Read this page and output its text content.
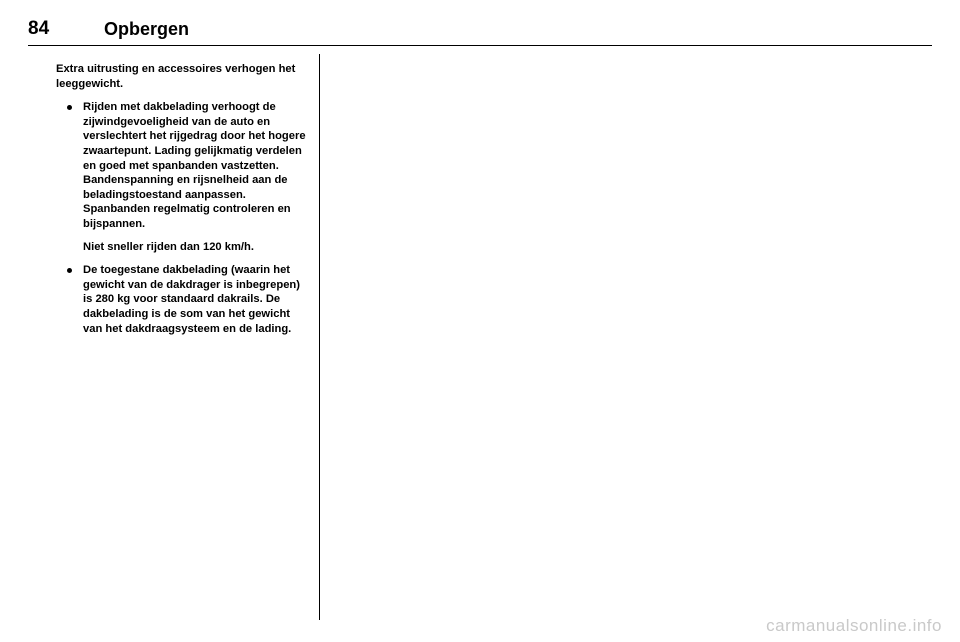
84	Opbergen

Extra uitrusting en accessoires verhogen het leeggewicht.

Rijden met dakbelading verhoogt de zijwindgevoeligheid van de auto en verslechtert het rijgedrag door het hogere zwaartepunt. Lading gelijkmatig verdelen en goed met spanbanden vastzetten. Bandenspanning en rijsnelheid aan de beladingstoestand aanpassen. Spanbanden regelmatig controleren en bijspannen.

Niet sneller rijden dan 120 km/h.

De toegestane dakbelading (waarin het gewicht van de dakdrager is inbegrepen) is 280 kg voor standaard dakrails. De dakbelading is de som van het gewicht van het dakdraagsysteem en de lading.
carmanualsonline.info
